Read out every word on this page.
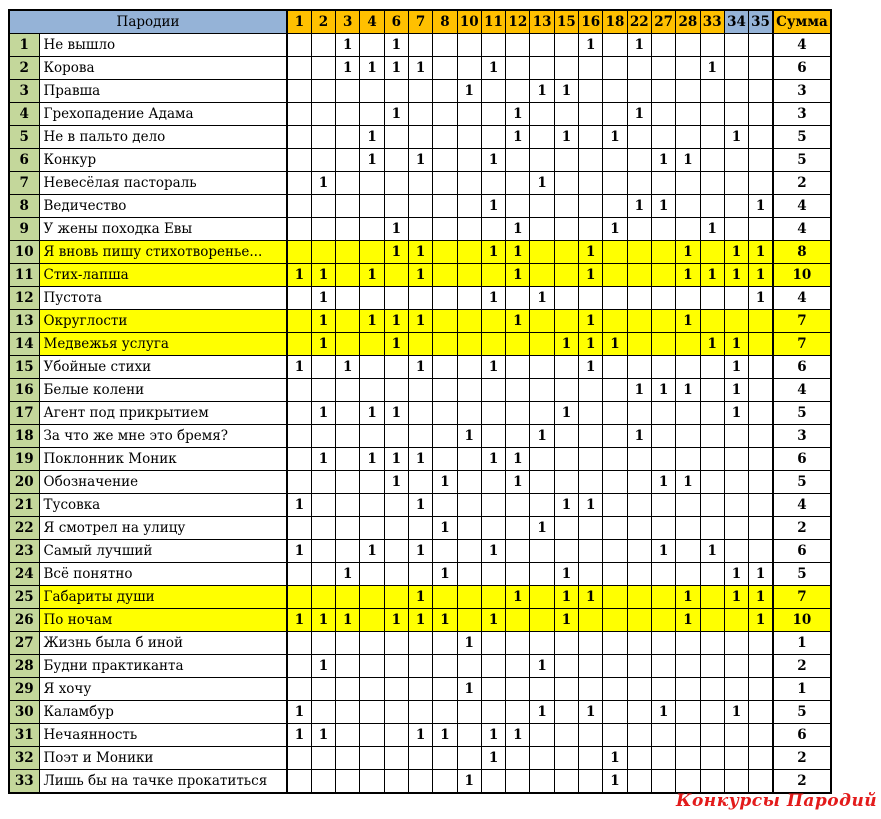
Пародии		1	2	3	4	6	7	8	10	11	12	13	15	16	18	22	27	28	33	34	35	Сумма
1	Не вышло			1		1								1		1						4
2	Корова			1	1	1	1			1									1			6
3	Правша								1			1	1									3
4	Грехопадение Адама					1					1					1						3
5	Не в пальто дело				1						1		1		1					1		5
6	Конкур				1		1			1							1	1				5
7	Невесёлая пастораль		1									1										2
8	Ведичество									1						1	1				1	4
9	У жены походка Евы					1					1				1				1			4
10	Я вновь пишу стихотворенье...					1	1			1	1			1				1		1	1	8
11	Стих-лапша	1	1		1		1				1			1				1	1	1	1	10
12	Пустота		1							1		1									1	4
13	Округлости		1		1	1	1				1			1				1				7
14	Медвежья услуга		1			1							1	1	1				1	1		7
15	Убойные стихи	1		1			1			1				1						1		6
16	Белые колени															1	1	1		1		4
17	Агент под прикрытием		1		1	1							1							1		5
18	За что же мне это бремя?								1			1				1						3
19	Поклонник Моник		1		1	1	1			1	1											6
20	Обозначение					1		1			1						1	1				5
21	Тусовка	1					1						1	1								4
22	Я смотрел на улицу							1				1										2
23	Самый лучший	1			1		1			1							1		1			6
24	Всё понятно			1				1					1							1	1	5
25	Габариты души						1				1		1	1				1		1	1	7
26	По ночам	1	1	1		1	1	1		1			1					1			1	10
27	Жизнь была б иной								1													1
28	Будни практиканта		1									1										2
29	Я хочу								1													1
30	Каламбур	1										1		1			1			1		5
31	Нечаянность	1	1				1	1		1	1											6
32	Поэт и Моники									1					1							2
33	Лишь бы на тачке прокатиться								1						1							2
Конкурсы Пародий
